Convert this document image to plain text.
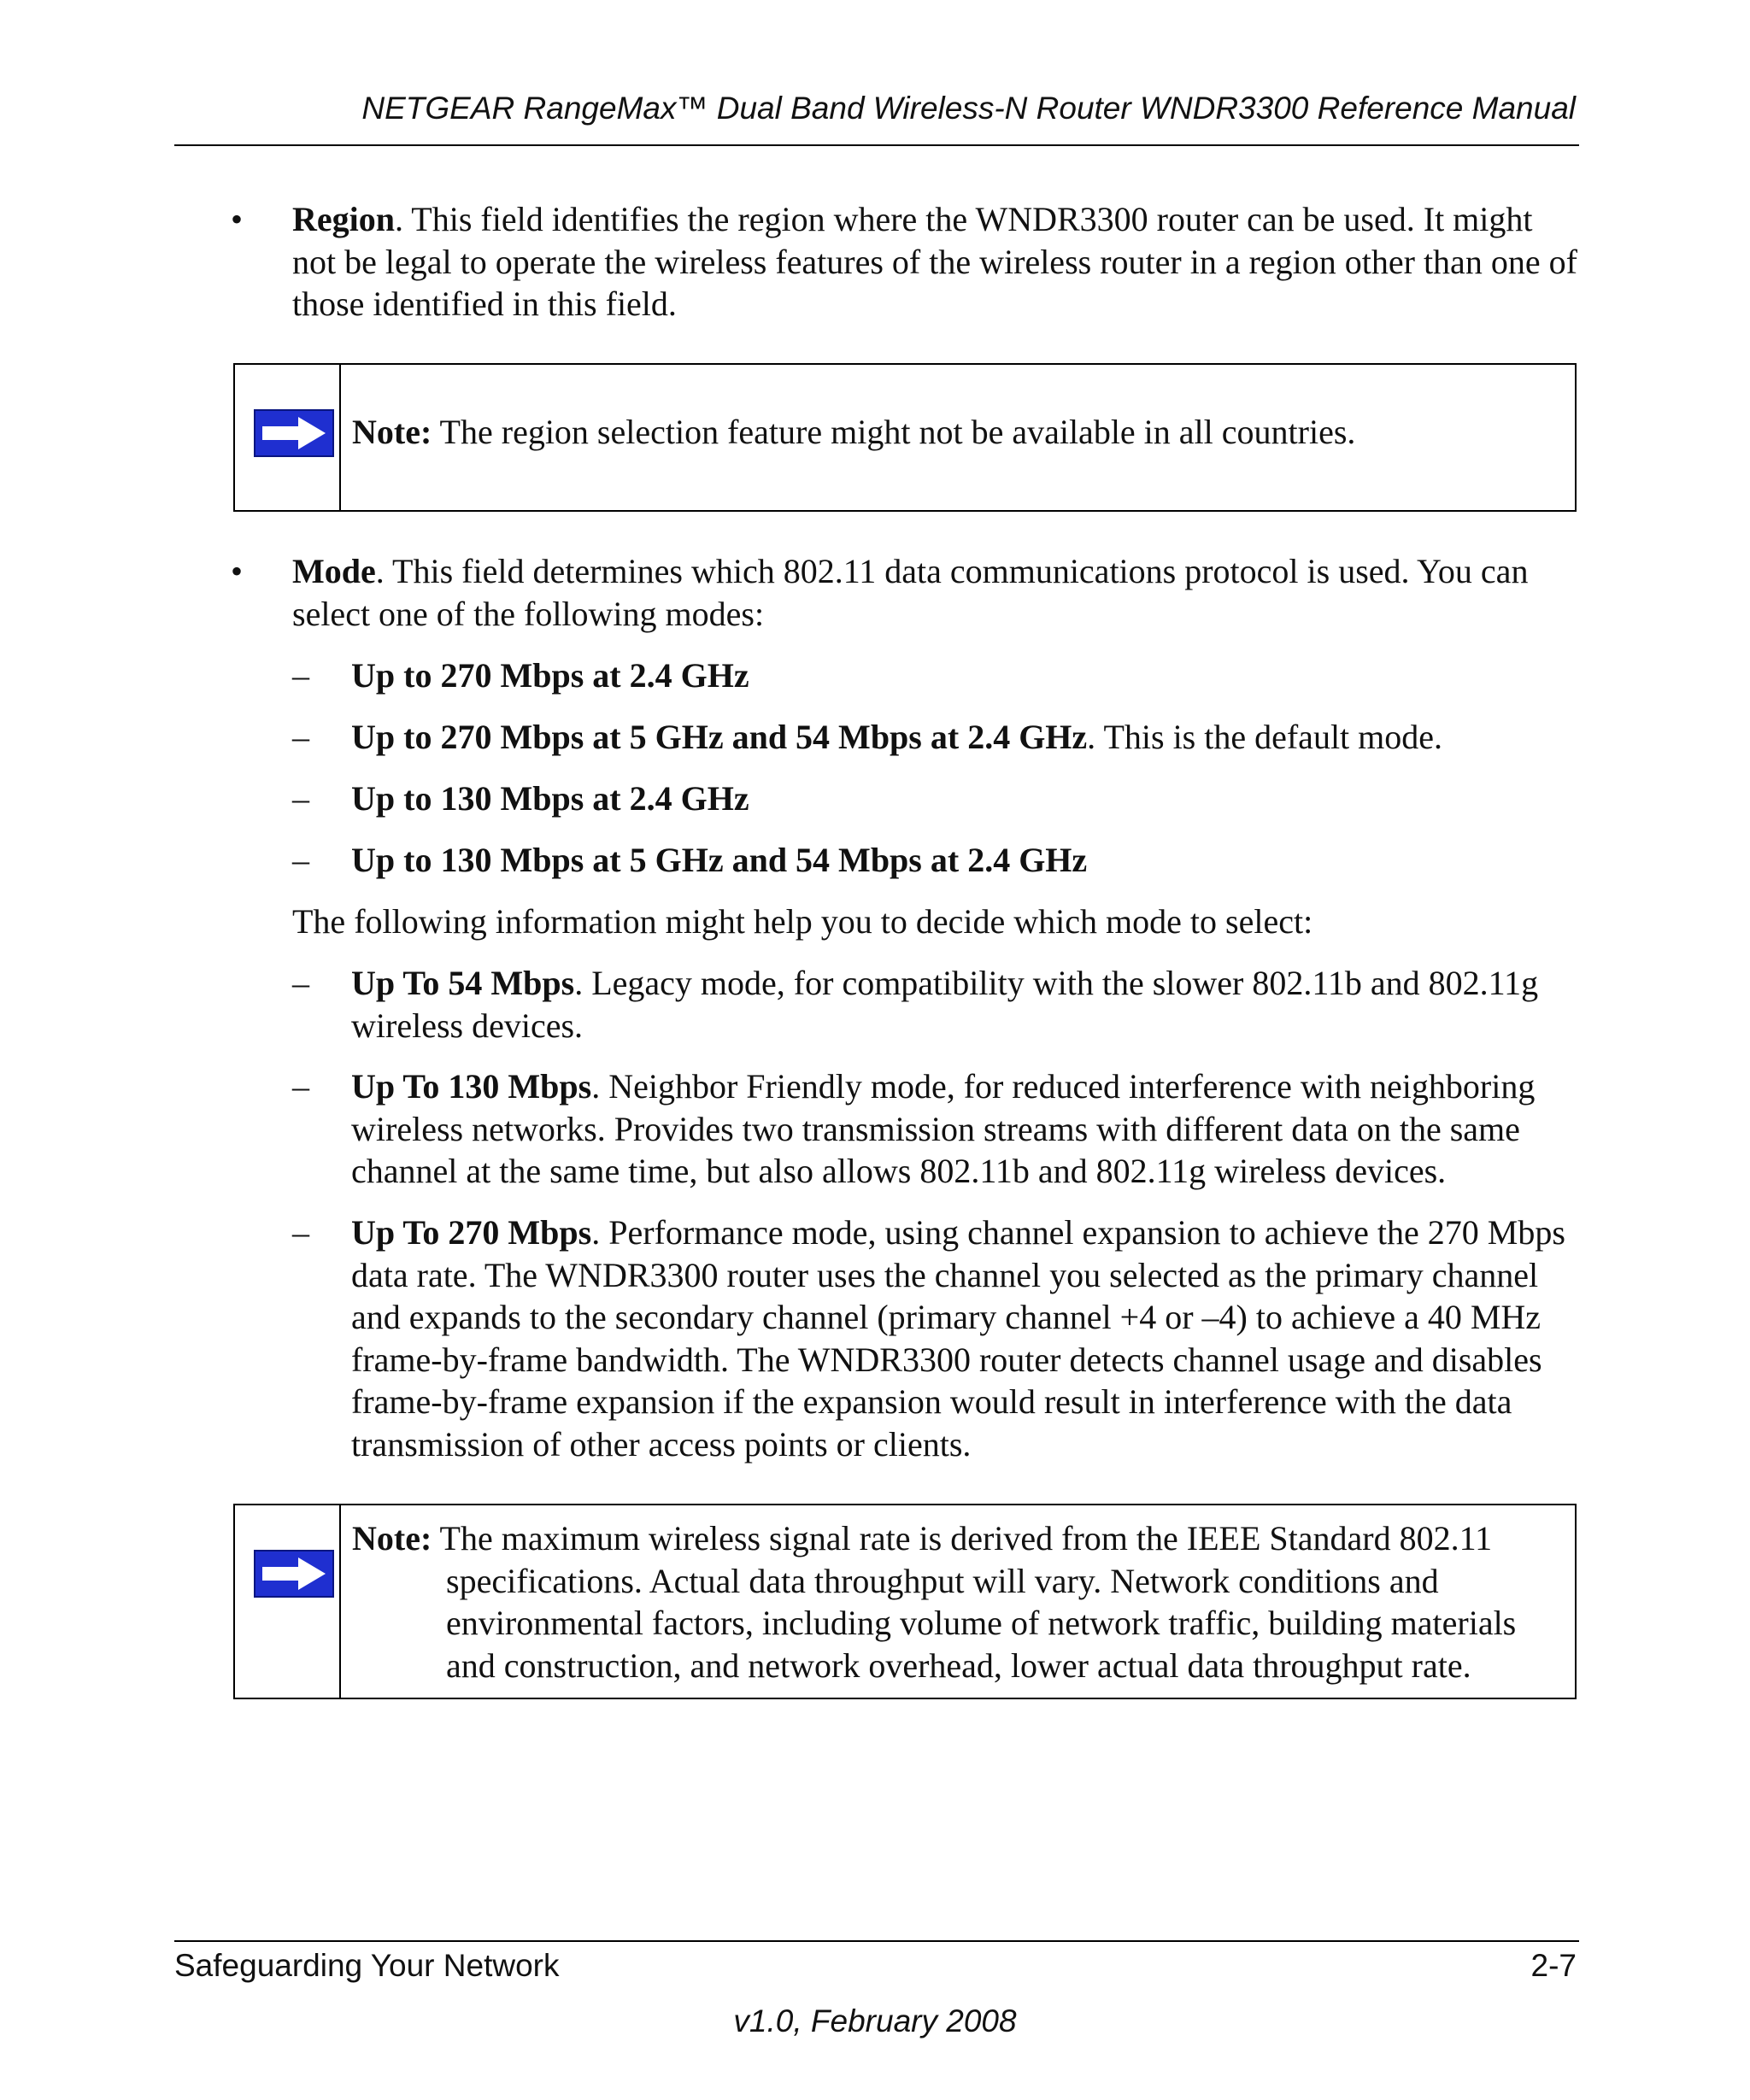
NETGEAR RangeMax™ Dual Band Wireless-N Router WNDR3300 Reference Manual
• Region. This field identifies the region where the WNDR3300 router can be used. It might not be legal to operate the wireless features of the wireless router in a region other than one of those identified in this field.
Note: The region selection feature might not be available in all countries.
• Mode. This field determines which 802.11 data communications protocol is used. You can select one of the following modes:
– Up to 270 Mbps at 2.4 GHz
– Up to 270 Mbps at 5 GHz and 54 Mbps at 2.4 GHz. This is the default mode.
– Up to 130 Mbps at 2.4 GHz
– Up to 130 Mbps at 5 GHz and 54 Mbps at 2.4 GHz
The following information might help you to decide which mode to select:
– Up To 54 Mbps. Legacy mode, for compatibility with the slower 802.11b and 802.11g wireless devices.
– Up To 130 Mbps. Neighbor Friendly mode, for reduced interference with neighboring wireless networks. Provides two transmission streams with different data on the same channel at the same time, but also allows 802.11b and 802.11g wireless devices.
– Up To 270 Mbps. Performance mode, using channel expansion to achieve the 270 Mbps data rate. The WNDR3300 router uses the channel you selected as the primary channel and expands to the secondary channel (primary channel +4 or –4) to achieve a 40 MHz frame-by-frame bandwidth. The WNDR3300 router detects channel usage and disables frame-by-frame expansion if the expansion would result in interference with the data transmission of other access points or clients.
Note: The maximum wireless signal rate is derived from the IEEE Standard 802.11 specifications. Actual data throughput will vary. Network conditions and environmental factors, including volume of network traffic, building materials and construction, and network overhead, lower actual data throughput rate.
Safeguarding Your Network	2-7
v1.0, February 2008
